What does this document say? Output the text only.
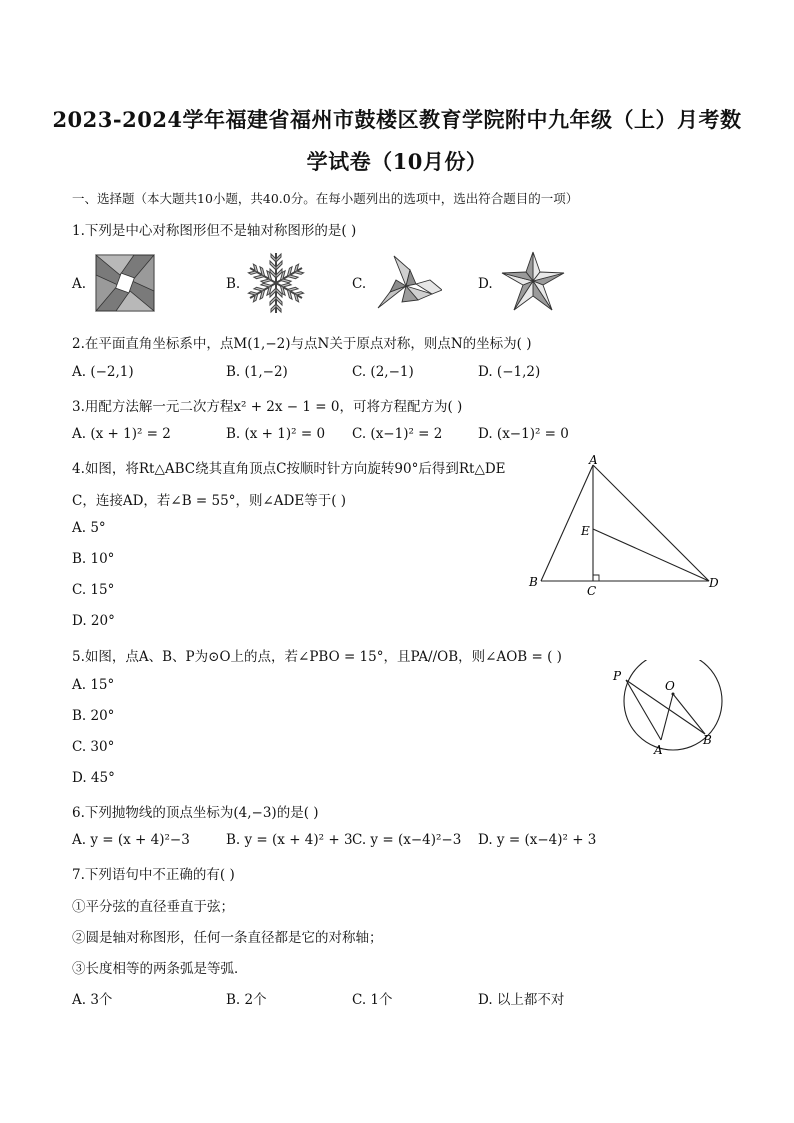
2023-2024学年福建省福州市鼓楼区教育学院附中九年级（上）月考数
学试卷（10月份）
一、选择题（本大题共10小题，共40.0分。在每小题列出的选项中，选出符合题目的一项）
1.下列是中心对称图形但不是轴对称图形的是( )
A.	B.	C.	D.
2.在平面直角坐标系中，点M(1,−2)与点N关于原点对称，则点N的坐标为( )
A. (−2,1)	B. (1,−2)	C. (2,−1)	D. (−1,2)
3.用配方法解一元二次方程x² + 2x − 1 = 0，可将方程配方为( )
A. (x + 1)² = 2	B. (x + 1)² = 0 C. (x−1)² = 2	D. (x−1)² = 0
4.如图，将Rt△ABC绕其直角顶点C按顺时针方向旋转90°后得到Rt△DE
C，连接AD，若∠B = 55°，则∠ADE等于( )
A. 5°
B. 10°
C. 15°
D. 20°
A
E
B
C
D
5.如图，点A、B、P为⊙O上的点，若∠PBO = 15°，且PA//OB，则∠AOB = ( )
A. 15°
B. 20°
C. 30°
D. 45°
P
O
A
B
6.下列抛物线的顶点坐标为(4,−3)的是( )
A. y = (x + 4)²−3	B. y = (x + 4)² + 3 C. y = (x−4)²−3 D. y = (x−4)² + 3
7.下列语句中不正确的有( )
①平分弦的直径垂直于弦；
②圆是轴对称图形，任何一条直径都是它的对称轴；
③长度相等的两条弧是等弧．
A. 3个	B. 2个	C. 1个	D. 以上都不对
